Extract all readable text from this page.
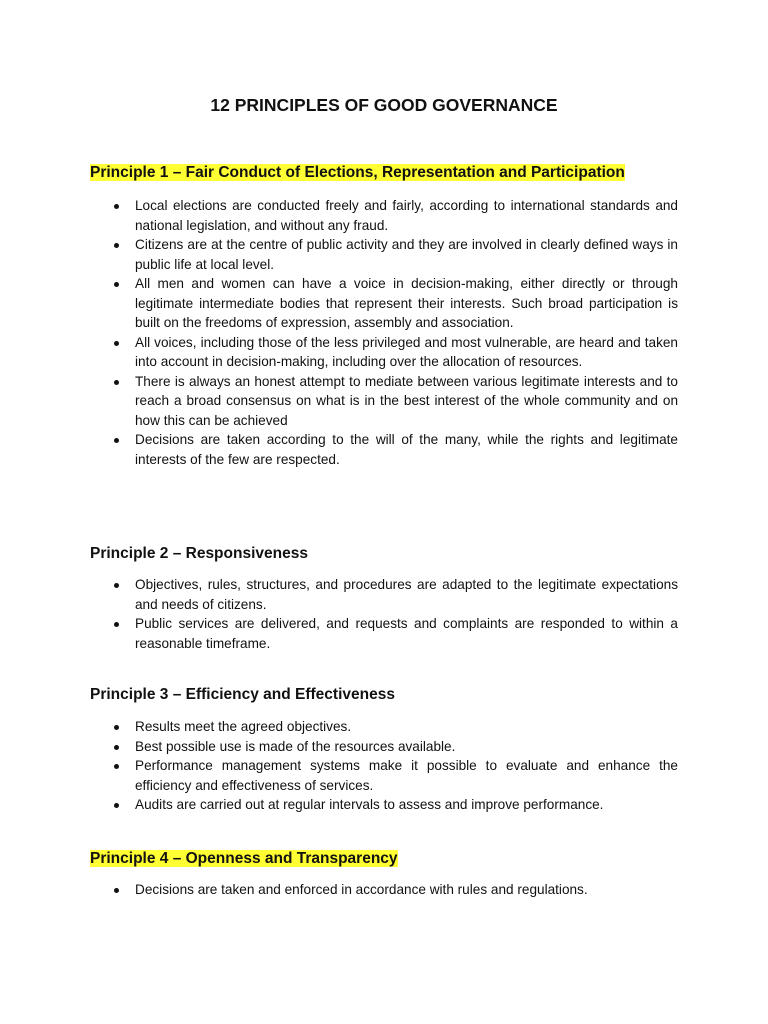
12 PRINCIPLES OF GOOD GOVERNANCE

Principle 1 – Fair Conduct of Elections, Representation and Participation

Local elections are conducted freely and fairly, according to international standards and national legislation, and without any fraud.
Citizens are at the centre of public activity and they are involved in clearly defined ways in public life at local level.
All men and women can have a voice in decision-making, either directly or through legitimate intermediate bodies that represent their interests. Such broad participation is built on the freedoms of expression, assembly and association.
All voices, including those of the less privileged and most vulnerable, are heard and taken into account in decision-making, including over the allocation of resources.
There is always an honest attempt to mediate between various legitimate interests and to reach a broad consensus on what is in the best interest of the whole community and on how this can be achieved
Decisions are taken according to the will of the many, while the rights and legitimate interests of the few are respected.

Principle 2 – Responsiveness

Objectives, rules, structures, and procedures are adapted to the legitimate expectations and needs of citizens.
Public services are delivered, and requests and complaints are responded to within a reasonable timeframe.

Principle 3 – Efficiency and Effectiveness

Results meet the agreed objectives.
Best possible use is made of the resources available.
Performance management systems make it possible to evaluate and enhance the efficiency and effectiveness of services.
Audits are carried out at regular intervals to assess and improve performance.

Principle 4 – Openness and Transparency

Decisions are taken and enforced in accordance with rules and regulations.
